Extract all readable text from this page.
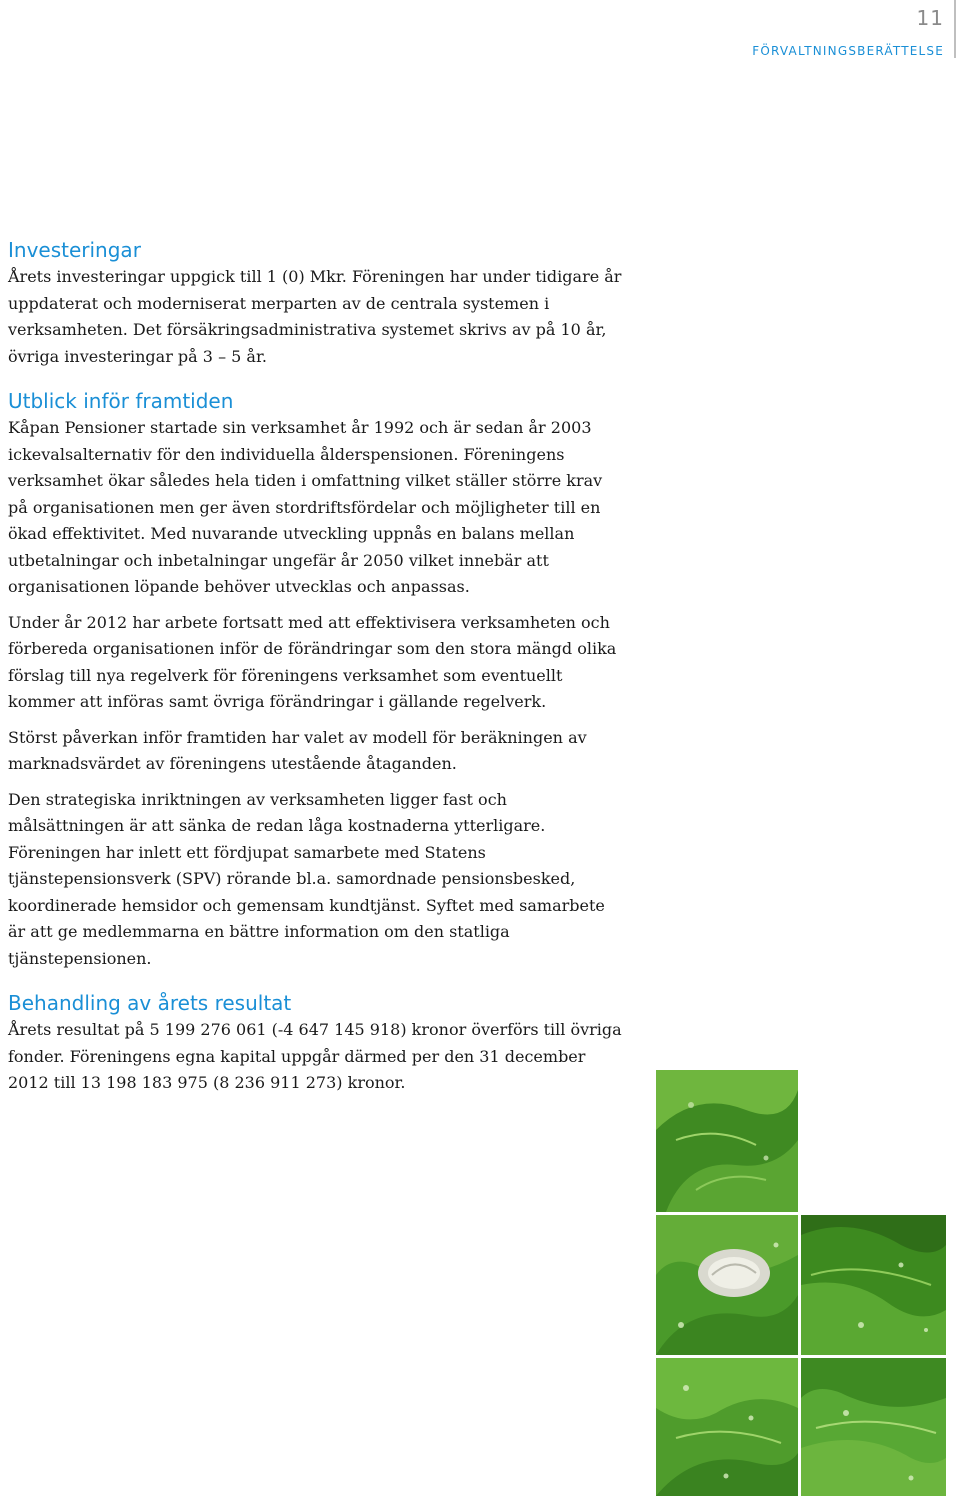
11
FÖRVALTNINGSBERÄTTELSE
Investeringar

Årets investeringar uppgick till 1 (0) Mkr. Föreningen har under tidigare år uppdaterat och moderniserat merparten av de centrala systemen i verksamheten. Det försäkringsadministrativa systemet skrivs av på 10 år, övriga investeringar på 3 – 5 år.

Utblick inför framtiden

Kåpan Pensioner startade sin verksamhet år 1992 och är sedan år 2003 ickevalsalternativ för den individuella ålderspensionen. Föreningens verksamhet ökar således hela tiden i omfattning vilket ställer större krav på organisationen men ger även stordriftsfördelar och möjligheter till en ökad effektivitet. Med nuvarande utveckling uppnås en balans mellan utbetalningar och inbetalningar ungefär år 2050 vilket innebär att organisationen löpande behöver utvecklas och anpassas.

Under år 2012 har arbete fortsatt med att effektivisera verksamheten och förbereda organisationen inför de förändringar som den stora mängd olika förslag till nya regelverk för föreningens verksamhet som eventuellt kommer att införas samt övriga förändringar i gällande regelverk.

Störst påverkan inför framtiden har valet av modell för beräkningen av marknadsvärdet av föreningens utestående åtaganden.

Den strategiska inriktningen av verksamheten ligger fast och målsättningen är att sänka de redan låga kostnaderna ytterligare. Föreningen har inlett ett fördjupat samarbete med Statens tjänstepensionsverk (SPV) rörande bl.a. samordnade pensionsbesked, koordinerade hemsidor och gemensam kundtjänst. Syftet med samarbete är att ge medlemmarna en bättre information om den statliga tjänstepensionen.

Behandling av årets resultat

Årets resultat på 5 199 276 061 (-4 647 145 918) kronor överförs till övriga fonder. Föreningens egna kapital uppgår därmed per den 31 december 2012 till 13 198 183 975 (8 236 911 273) kronor.
